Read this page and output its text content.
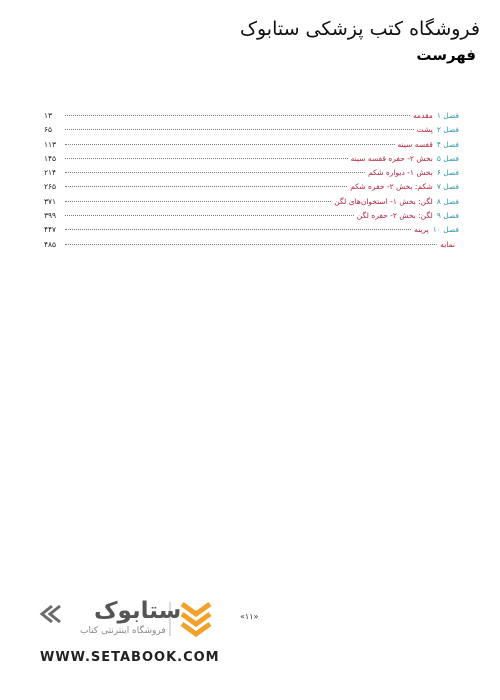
فروشگاه کتب پزشکی ستابوک
فهرست
فصل ۱
مقدمه
۱۳
فصل ۲
پشت
۶۵
فصل ۴
قفسه سینه
۱۱۳
فصل ۵
بخش ۲- حفره قفسه سینه
۱۴۵
فصل ۶
بخش ۱- دیواره شکم
۲۱۴
فصل ۷
شکم: بخش ۲- حفره شکم
۲۶۵
فصل ۸
لگن: بخش ۱- استخوان‌های لگن
۳۷۱
فصل ۹
لگن: بخش ۲- حفره لگن
۳۹۹
فصل ۱۰
پرینه
۴۴۷
نمایه
۴۸۵
ستابوک
فروشگاه اینترنتی کتاب
«۱۱»
WWW.SETABOOK.COM
